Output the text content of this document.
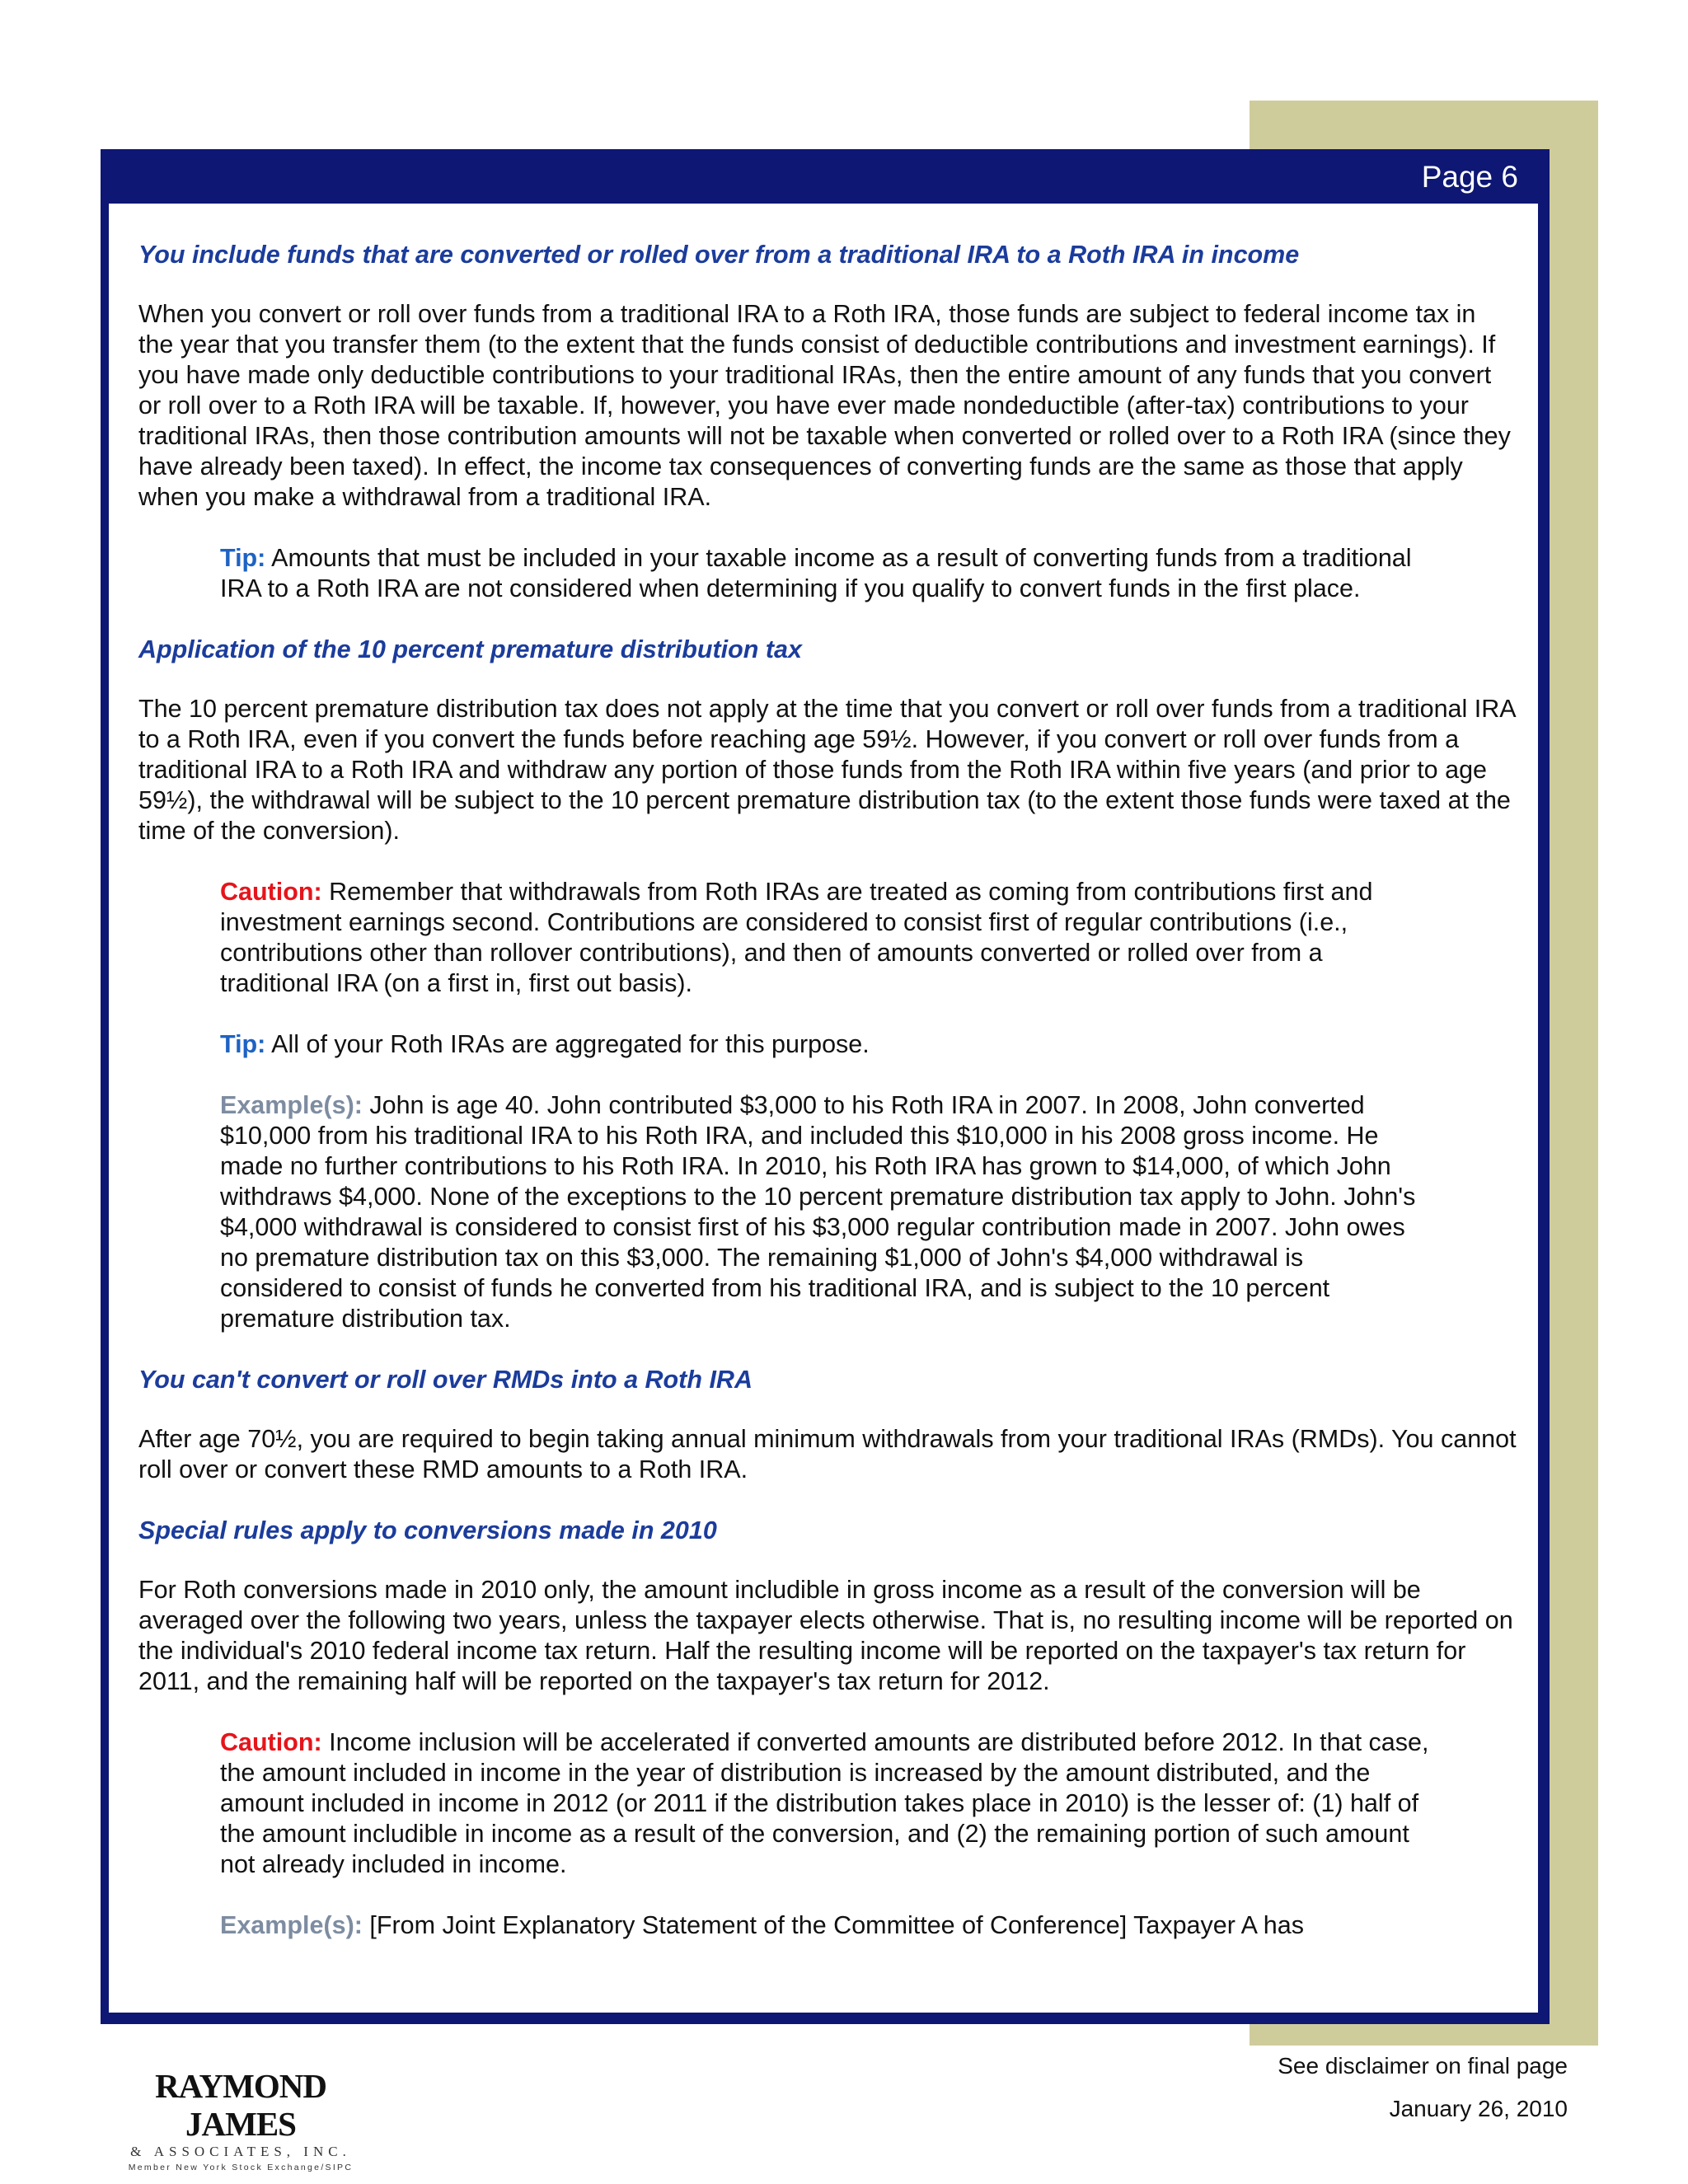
Page 6
You include funds that are converted or rolled over from a traditional IRA to a Roth IRA in income

When you convert or roll over funds from a traditional IRA to a Roth IRA, those funds are subject to federal income tax in the year that you transfer them (to the extent that the funds consist of deductible contributions and investment earnings). If you have made only deductible contributions to your traditional IRAs, then the entire amount of any funds that you convert or roll over to a Roth IRA will be taxable. If, however, you have ever made nondeductible (after-tax) contributions to your traditional IRAs, then those contribution amounts will not be taxable when converted or rolled over to a Roth IRA (since they have already been taxed). In effect, the income tax consequences of converting funds are the same as those that apply when you make a withdrawal from a traditional IRA.

Tip: Amounts that must be included in your taxable income as a result of converting funds from a traditional IRA to a Roth IRA are not considered when determining if you qualify to convert funds in the first place.

Application of the 10 percent premature distribution tax

The 10 percent premature distribution tax does not apply at the time that you convert or roll over funds from a traditional IRA to a Roth IRA, even if you convert the funds before reaching age 59½. However, if you convert or roll over funds from a traditional IRA to a Roth IRA and withdraw any portion of those funds from the Roth IRA within five years (and prior to age 59½), the withdrawal will be subject to the 10 percent premature distribution tax (to the extent those funds were taxed at the time of the conversion).

Caution: Remember that withdrawals from Roth IRAs are treated as coming from contributions first and investment earnings second. Contributions are considered to consist first of regular contributions (i.e., contributions other than rollover contributions), and then of amounts converted or rolled over from a traditional IRA (on a first in, first out basis).

Tip: All of your Roth IRAs are aggregated for this purpose.

Example(s): John is age 40. John contributed $3,000 to his Roth IRA in 2007. In 2008, John converted $10,000 from his traditional IRA to his Roth IRA, and included this $10,000 in his 2008 gross income. He made no further contributions to his Roth IRA. In 2010, his Roth IRA has grown to $14,000, of which John withdraws $4,000. None of the exceptions to the 10 percent premature distribution tax apply to John. John's $4,000 withdrawal is considered to consist first of his $3,000 regular contribution made in 2007. John owes no premature distribution tax on this $3,000. The remaining $1,000 of John's $4,000 withdrawal is considered to consist of funds he converted from his traditional IRA, and is subject to the 10 percent premature distribution tax.

You can't convert or roll over RMDs into a Roth IRA

After age 70½, you are required to begin taking annual minimum withdrawals from your traditional IRAs (RMDs). You cannot roll over or convert these RMD amounts to a Roth IRA.

Special rules apply to conversions made in 2010

For Roth conversions made in 2010 only, the amount includible in gross income as a result of the conversion will be averaged over the following two years, unless the taxpayer elects otherwise. That is, no resulting income will be reported on the individual's 2010 federal income tax return. Half the resulting income will be reported on the taxpayer's tax return for 2011, and the remaining half will be reported on the taxpayer's tax return for 2012.

Caution: Income inclusion will be accelerated if converted amounts are distributed before 2012. In that case, the amount included in income in the year of distribution is increased by the amount distributed, and the amount included in income in 2012 (or 2011 if the distribution takes place in 2010) is the lesser of: (1) half of the amount includible in income as a result of the conversion, and (2) the remaining portion of such amount not already included in income.

Example(s): [From Joint Explanatory Statement of the Committee of Conference] Taxpayer A has

RAYMOND JAMES
& ASSOCIATES, INC.
Member New York Stock Exchange/SIPC
See disclaimer on final page
January 26, 2010
